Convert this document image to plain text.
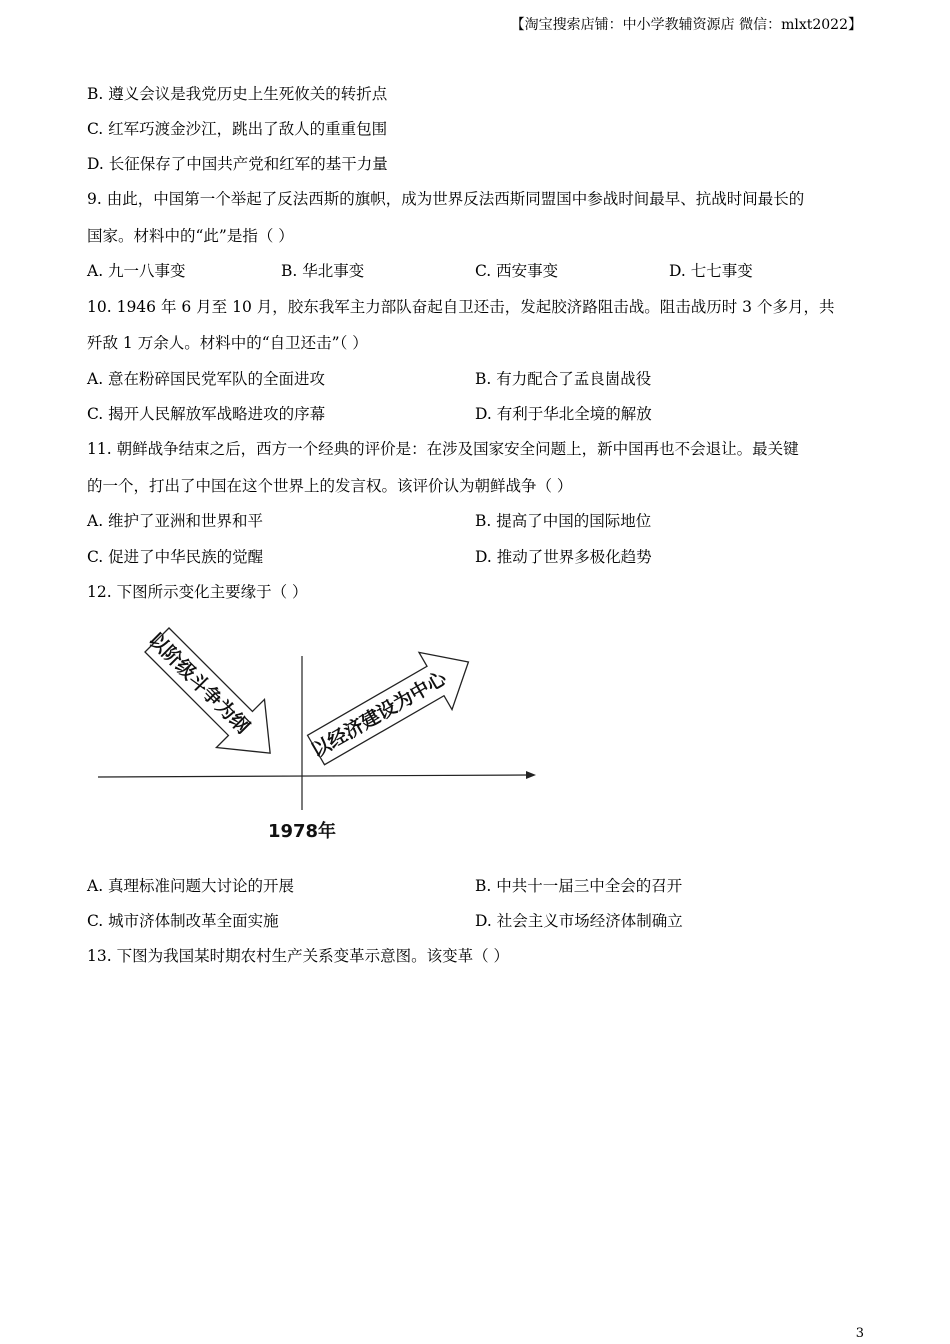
【淘宝搜索店铺：中小学教辅资源店 微信：mlxt2022】
B. 遵义会议是我党历史上生死攸关的转折点
C. 红军巧渡金沙江，跳出了敌人的重重包围
D. 长征保存了中国共产党和红军的基干力量
9. 由此，中国第一个举起了反法西斯的旗帜，成为世界反法西斯同盟国中参战时间最早、抗战时间最长的
国家。材料中的“此”是指（ ）
A. 九一八事变	B. 华北事变	C. 西安事变	D. 七七事变
10. 1946 年 6 月至 10 月，胶东我军主力部队奋起自卫还击，发起胶济路阻击战。阻击战历时 3 个多月，共
歼敌 1 万余人。材料中的“自卫还击”（ ）
A. 意在粉碎国民党军队的全面进攻	B. 有力配合了孟良崮战役
C. 揭开人民解放军战略进攻的序幕	D. 有利于华北全境的解放
11. 朝鲜战争结束之后，西方一个经典的评价是：在涉及国家安全问题上，新中国再也不会退让。最关键
的一个，打出了中国在这个世界上的发言权。该评价认为朝鲜战争（ ）
A. 维护了亚洲和世界和平	B. 提高了中国的国际地位
C. 促进了中华民族的觉醒	D. 推动了世界多极化趋势
12. 下图所示变化主要缘于（ ）
以阶级斗争为纲	以经济建设为中心
1978年
A. 真理标准问题大讨论的开展	B. 中共十一届三中全会的召开
C. 城市济体制改革全面实施	D. 社会主义市场经济体制确立
13. 下图为我国某时期农村生产关系变革示意图。该变革（ ）
3
